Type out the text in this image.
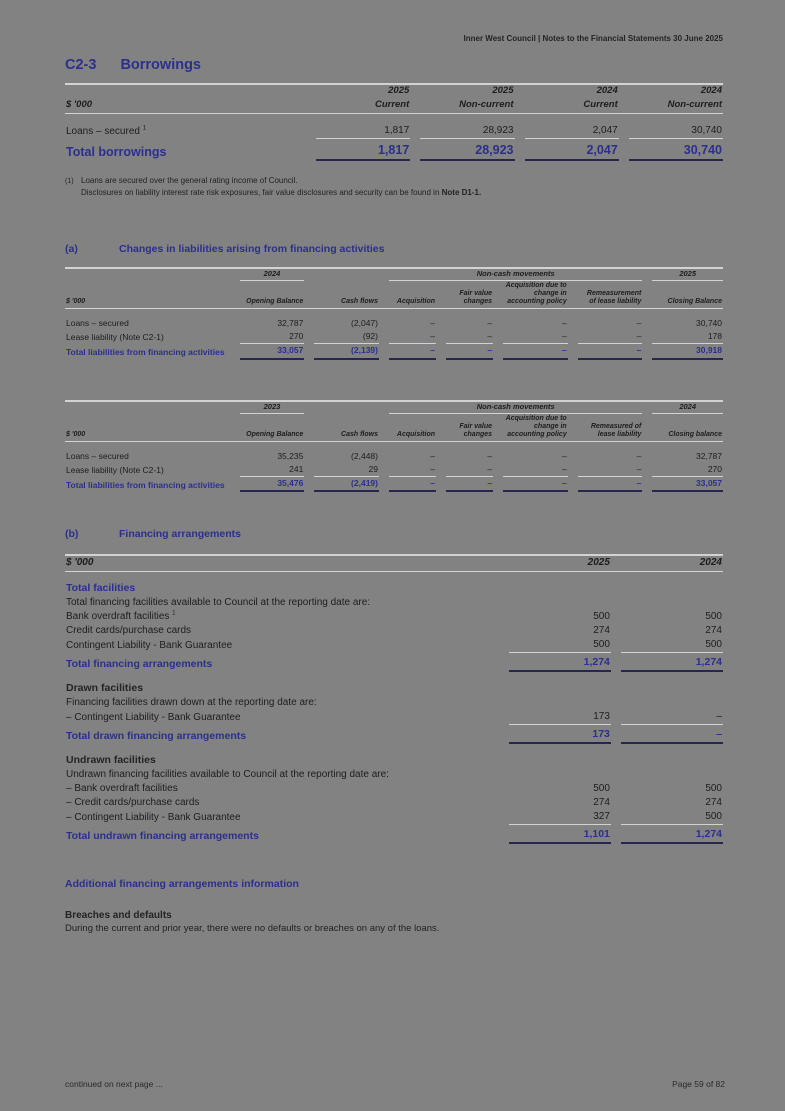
Inner West Council | Notes to the Financial Statements 30 June 2025
C2-3 Borrowings

	2025	2025	2024	2024
$ '000	Current	Non-current	Current	Non-current

Loans – secured $^1$	1,817	28,923	2,047	30,740
Total borrowings	1,817	28,923	2,047	30,740
(1) Loans are secured over the general rating income of Council.
Disclosures on liability interest rate risk exposures, fair value disclosures and security can be found in Note D1-1.
(a)	Changes in liabilities arising from financing activities

	2024		Non-cash movements				2025
$ '000	Opening Balance	Cash flows	Acquisition	Fair value changes	Acquisition due to change in accounting policy	Remeasurement of lease liability	Closing Balance

Loans – secured	32,787	(2,047)	–	–	–	–	30,740
Lease liability (Note C2-1)	270	(92)	–	–	–	–	178
Total liabilities from financing activities	33,057	(2,139)	–	–	–	–	30,918

	2023		Non-cash movements				2024
$ '000	Opening Balance	Cash flows	Acquisition	Fair value changes	Acquisition due to change in accounting policy	Remeasured of lease liability	Closing balance

Loans – secured	35,235	(2,448)	–	–	–	–	32,787
Lease liability (Note C2-1)	241	29	–	–	–	–	270
Total liabilities from financing activities	35,476	(2,419)	–	–	–	–	33,057
(b)	Financing arrangements

$ '000	2025	2024

Total facilities		
Total financing facilities available to Council at the reporting date are:		
Bank overdraft facilities $^1$	500	500
Credit cards/purchase cards	274	274
Contingent Liability - Bank Guarantee	500	500
Total financing arrangements	1,274	1,274
Drawn facilities		
Financing facilities drawn down at the reporting date are:		
– Contingent Liability - Bank Guarantee	173	–
Total drawn financing arrangements	173	–
Undrawn facilities		
Undrawn financing facilities available to Council at the reporting date are:		
– Bank overdraft facilities	500	500
– Credit cards/purchase cards	274	274
– Contingent Liability - Bank Guarantee	327	500
Total undrawn financing arrangements	1,101	1,274
Additional financing arrangements information
Breaches and defaults
During the current and prior year, there were no defaults or breaches on any of the loans.
continued on next page ...	Page 59 of 82
